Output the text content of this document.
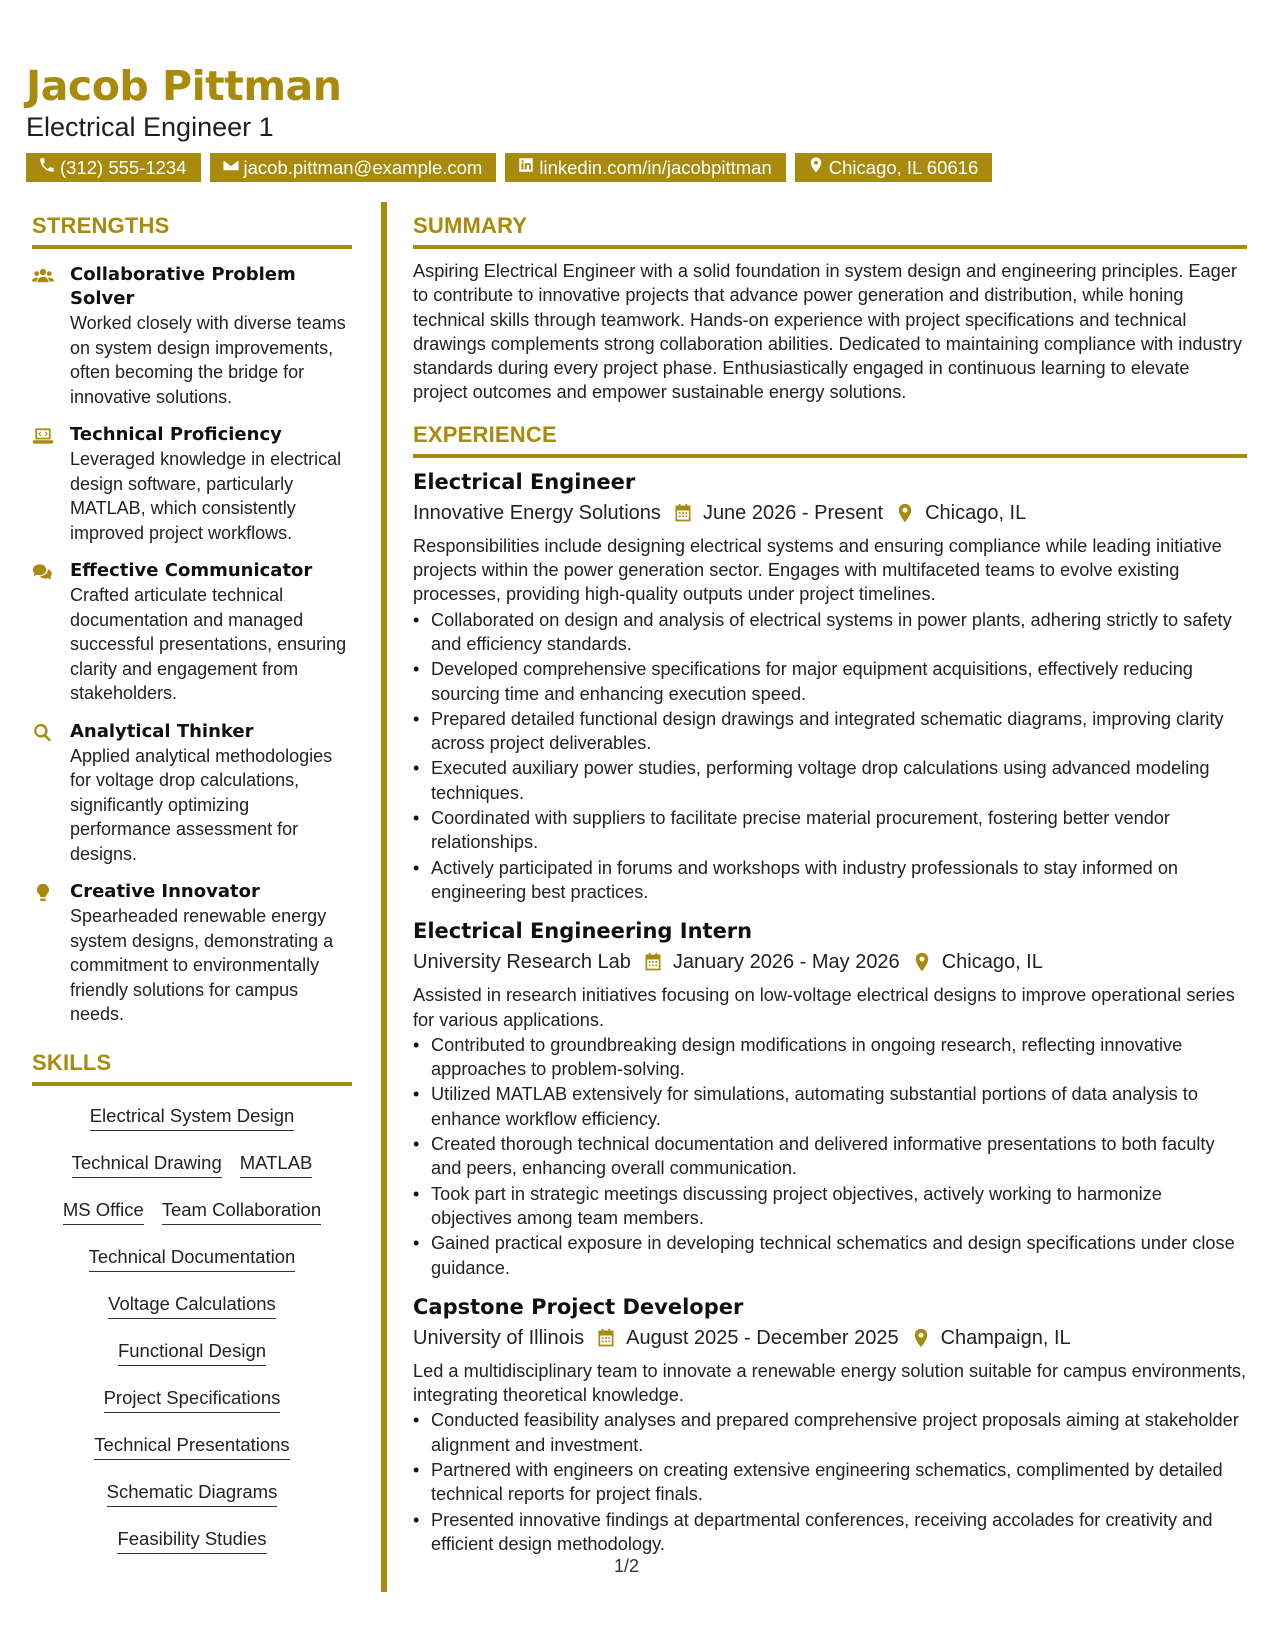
Jacob Pittman
Electrical Engineer 1
(312) 555-1234	jacob.pittman@example.com	linkedin.com/in/jacobpittman	Chicago, IL 60616
STRENGTHS
Collaborative Problem Solver
Worked closely with diverse teams on system design improvements, often becoming the bridge for innovative solutions.
Technical Proficiency
Leveraged knowledge in electrical design software, particularly MATLAB, which consistently improved project workflows.
Effective Communicator
Crafted articulate technical documentation and managed successful presentations, ensuring clarity and engagement from stakeholders.
Analytical Thinker
Applied analytical methodologies for voltage drop calculations, significantly optimizing performance assessment for designs.
Creative Innovator
Spearheaded renewable energy system designs, demonstrating a commitment to environmentally friendly solutions for campus needs.
SKILLS
Electrical System Design
Technical Drawing MATLAB
MS Office Team Collaboration
Technical Documentation
Voltage Calculations
Functional Design
Project Specifications
Technical Presentations
Schematic Diagrams
Feasibility Studies
SUMMARY
Aspiring Electrical Engineer with a solid foundation in system design and engineering principles. Eager to contribute to innovative projects that advance power generation and distribution, while honing technical skills through teamwork. Hands-on experience with project specifications and technical drawings complements strong collaboration abilities. Dedicated to maintaining compliance with industry standards during every project phase. Enthusiastically engaged in continuous learning to elevate project outcomes and empower sustainable energy solutions.
EXPERIENCE
Electrical Engineer
Innovative Energy Solutions June 2026 - Present Chicago, IL
Responsibilities include designing electrical systems and ensuring compliance while leading initiative projects within the power generation sector. Engages with multifaceted teams to evolve existing processes, providing high-quality outputs under project timelines.
• Collaborated on design and analysis of electrical systems in power plants, adhering strictly to safety and efficiency standards.
• Developed comprehensive specifications for major equipment acquisitions, effectively reducing sourcing time and enhancing execution speed.
• Prepared detailed functional design drawings and integrated schematic diagrams, improving clarity across project deliverables.
• Executed auxiliary power studies, performing voltage drop calculations using advanced modeling techniques.
• Coordinated with suppliers to facilitate precise material procurement, fostering better vendor relationships.
• Actively participated in forums and workshops with industry professionals to stay informed on engineering best practices.
Electrical Engineering Intern
University Research Lab January 2026 - May 2026 Chicago, IL
Assisted in research initiatives focusing on low-voltage electrical designs to improve operational series for various applications.
• Contributed to groundbreaking design modifications in ongoing research, reflecting innovative approaches to problem-solving.
• Utilized MATLAB extensively for simulations, automating substantial portions of data analysis to enhance workflow efficiency.
• Created thorough technical documentation and delivered informative presentations to both faculty and peers, enhancing overall communication.
• Took part in strategic meetings discussing project objectives, actively working to harmonize objectives among team members.
• Gained practical exposure in developing technical schematics and design specifications under close guidance.
Capstone Project Developer
University of Illinois August 2025 - December 2025 Champaign, IL
Led a multidisciplinary team to innovate a renewable energy solution suitable for campus environments, integrating theoretical knowledge.
• Conducted feasibility analyses and prepared comprehensive project proposals aiming at stakeholder alignment and investment.
• Partnered with engineers on creating extensive engineering schematics, complimented by detailed technical reports for project finals.
• Presented innovative findings at departmental conferences, receiving accolades for creativity and efficient design methodology.
1/2
